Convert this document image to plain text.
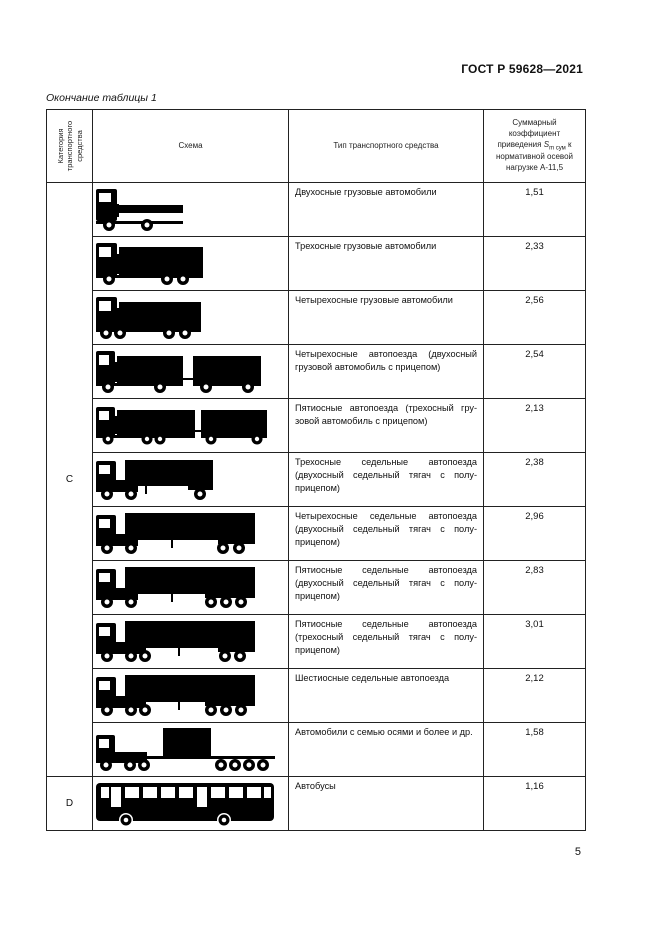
ГОСТ Р 59628—2021
Окончание таблицы 1
Категория транспортного средства	Схема	Тип транспортного средства	Суммарный
коэффициент
приведения $S_{m сум}$ к
нормативной осевой
нагрузке А-11,5
C		Двухосные грузовые автомобили	1,51

	Трехосные грузовые автомобили	2,33

	Четырехосные грузовые автомобили	2,56

	Четырехосные автопоезда (двухосный грузовой автомобиль с прицепом)	2,54

	Пятиосные автопоезда (трехосный грузовой автомобиль с прицепом)	2,13

	Трехосные седельные автопоезда (двухосный седельный тягач с полуприцепом)	2,38

	Четырехосные седельные автопоезда (двухосный седельный тягач с полуприцепом)	2,96

	Пятиосные седельные автопоезда (двухосный седельный тягач с полуприцепом)	2,83

	Пятиосные седельные автопоезда (трехосный седельный тягач с полуприцепом)	3,01

	Шестиосные седельные автопоезда	2,12

	Автомобили с семью осями и более и др.	1,58
D		Автобусы	1,16
5
